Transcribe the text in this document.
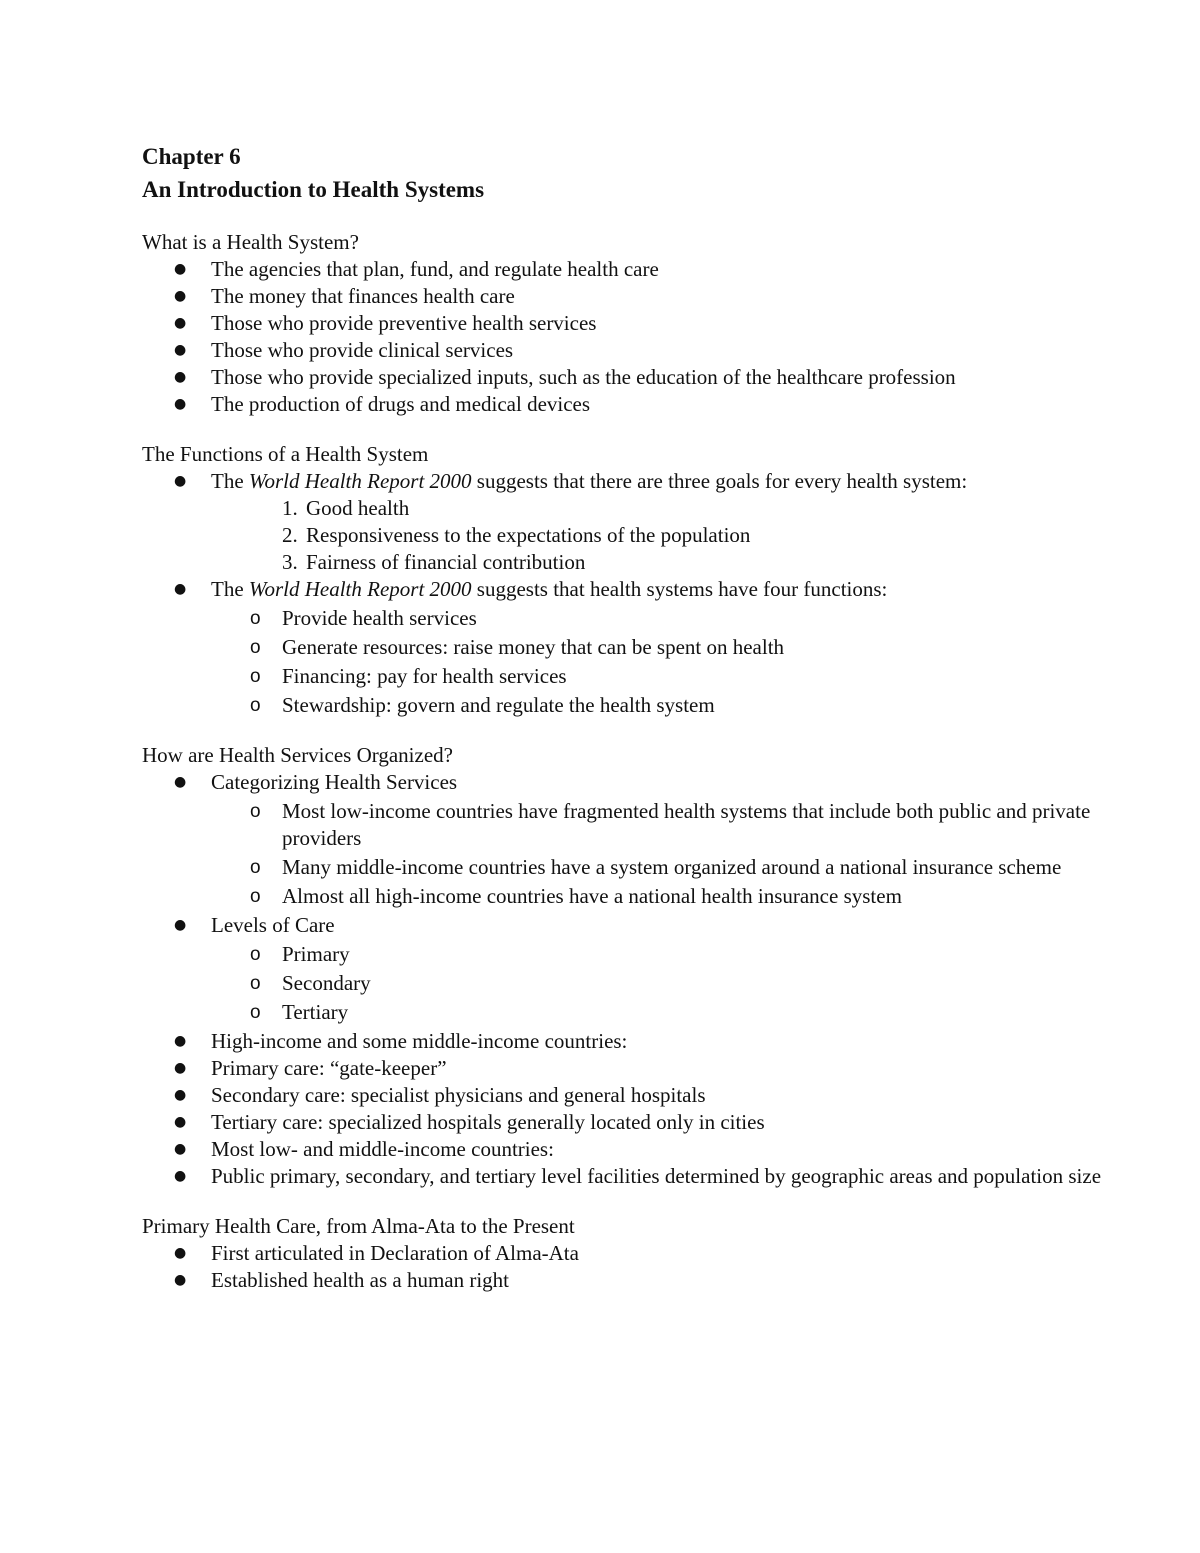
Chapter 6

An Introduction to Health Systems

What is a Health System?

● The agencies that plan, fund, and regulate health care
● The money that finances health care
● Those who provide preventive health services
● Those who provide clinical services
● Those who provide specialized inputs, such as the education of the healthcare profession
● The production of drugs and medical devices

The Functions of a Health System

● The World Health Report 2000 suggests that there are three goals for every health system:
1. Good health
2. Responsiveness to the expectations of the population
3. Fairness of financial contribution
● The World Health Report 2000 suggests that health systems have four functions:
o Provide health services
o Generate resources: raise money that can be spent on health
o Financing: pay for health services
o Stewardship: govern and regulate the health system

How are Health Services Organized?

● Categorizing Health Services
o Most low-income countries have fragmented health systems that include both public and private providers
o Many middle-income countries have a system organized around a national insurance scheme
o Almost all high-income countries have a national health insurance system
● Levels of Care
o Primary
o Secondary
o Tertiary
● High-income and some middle-income countries:
● Primary care: “gate-keeper”
● Secondary care: specialist physicians and general hospitals
● Tertiary care: specialized hospitals generally located only in cities
● Most low- and middle-income countries:
● Public primary, secondary, and tertiary level facilities determined by geographic areas and population size

Primary Health Care, from Alma-Ata to the Present

● First articulated in Declaration of Alma-Ata
● Established health as a human right
